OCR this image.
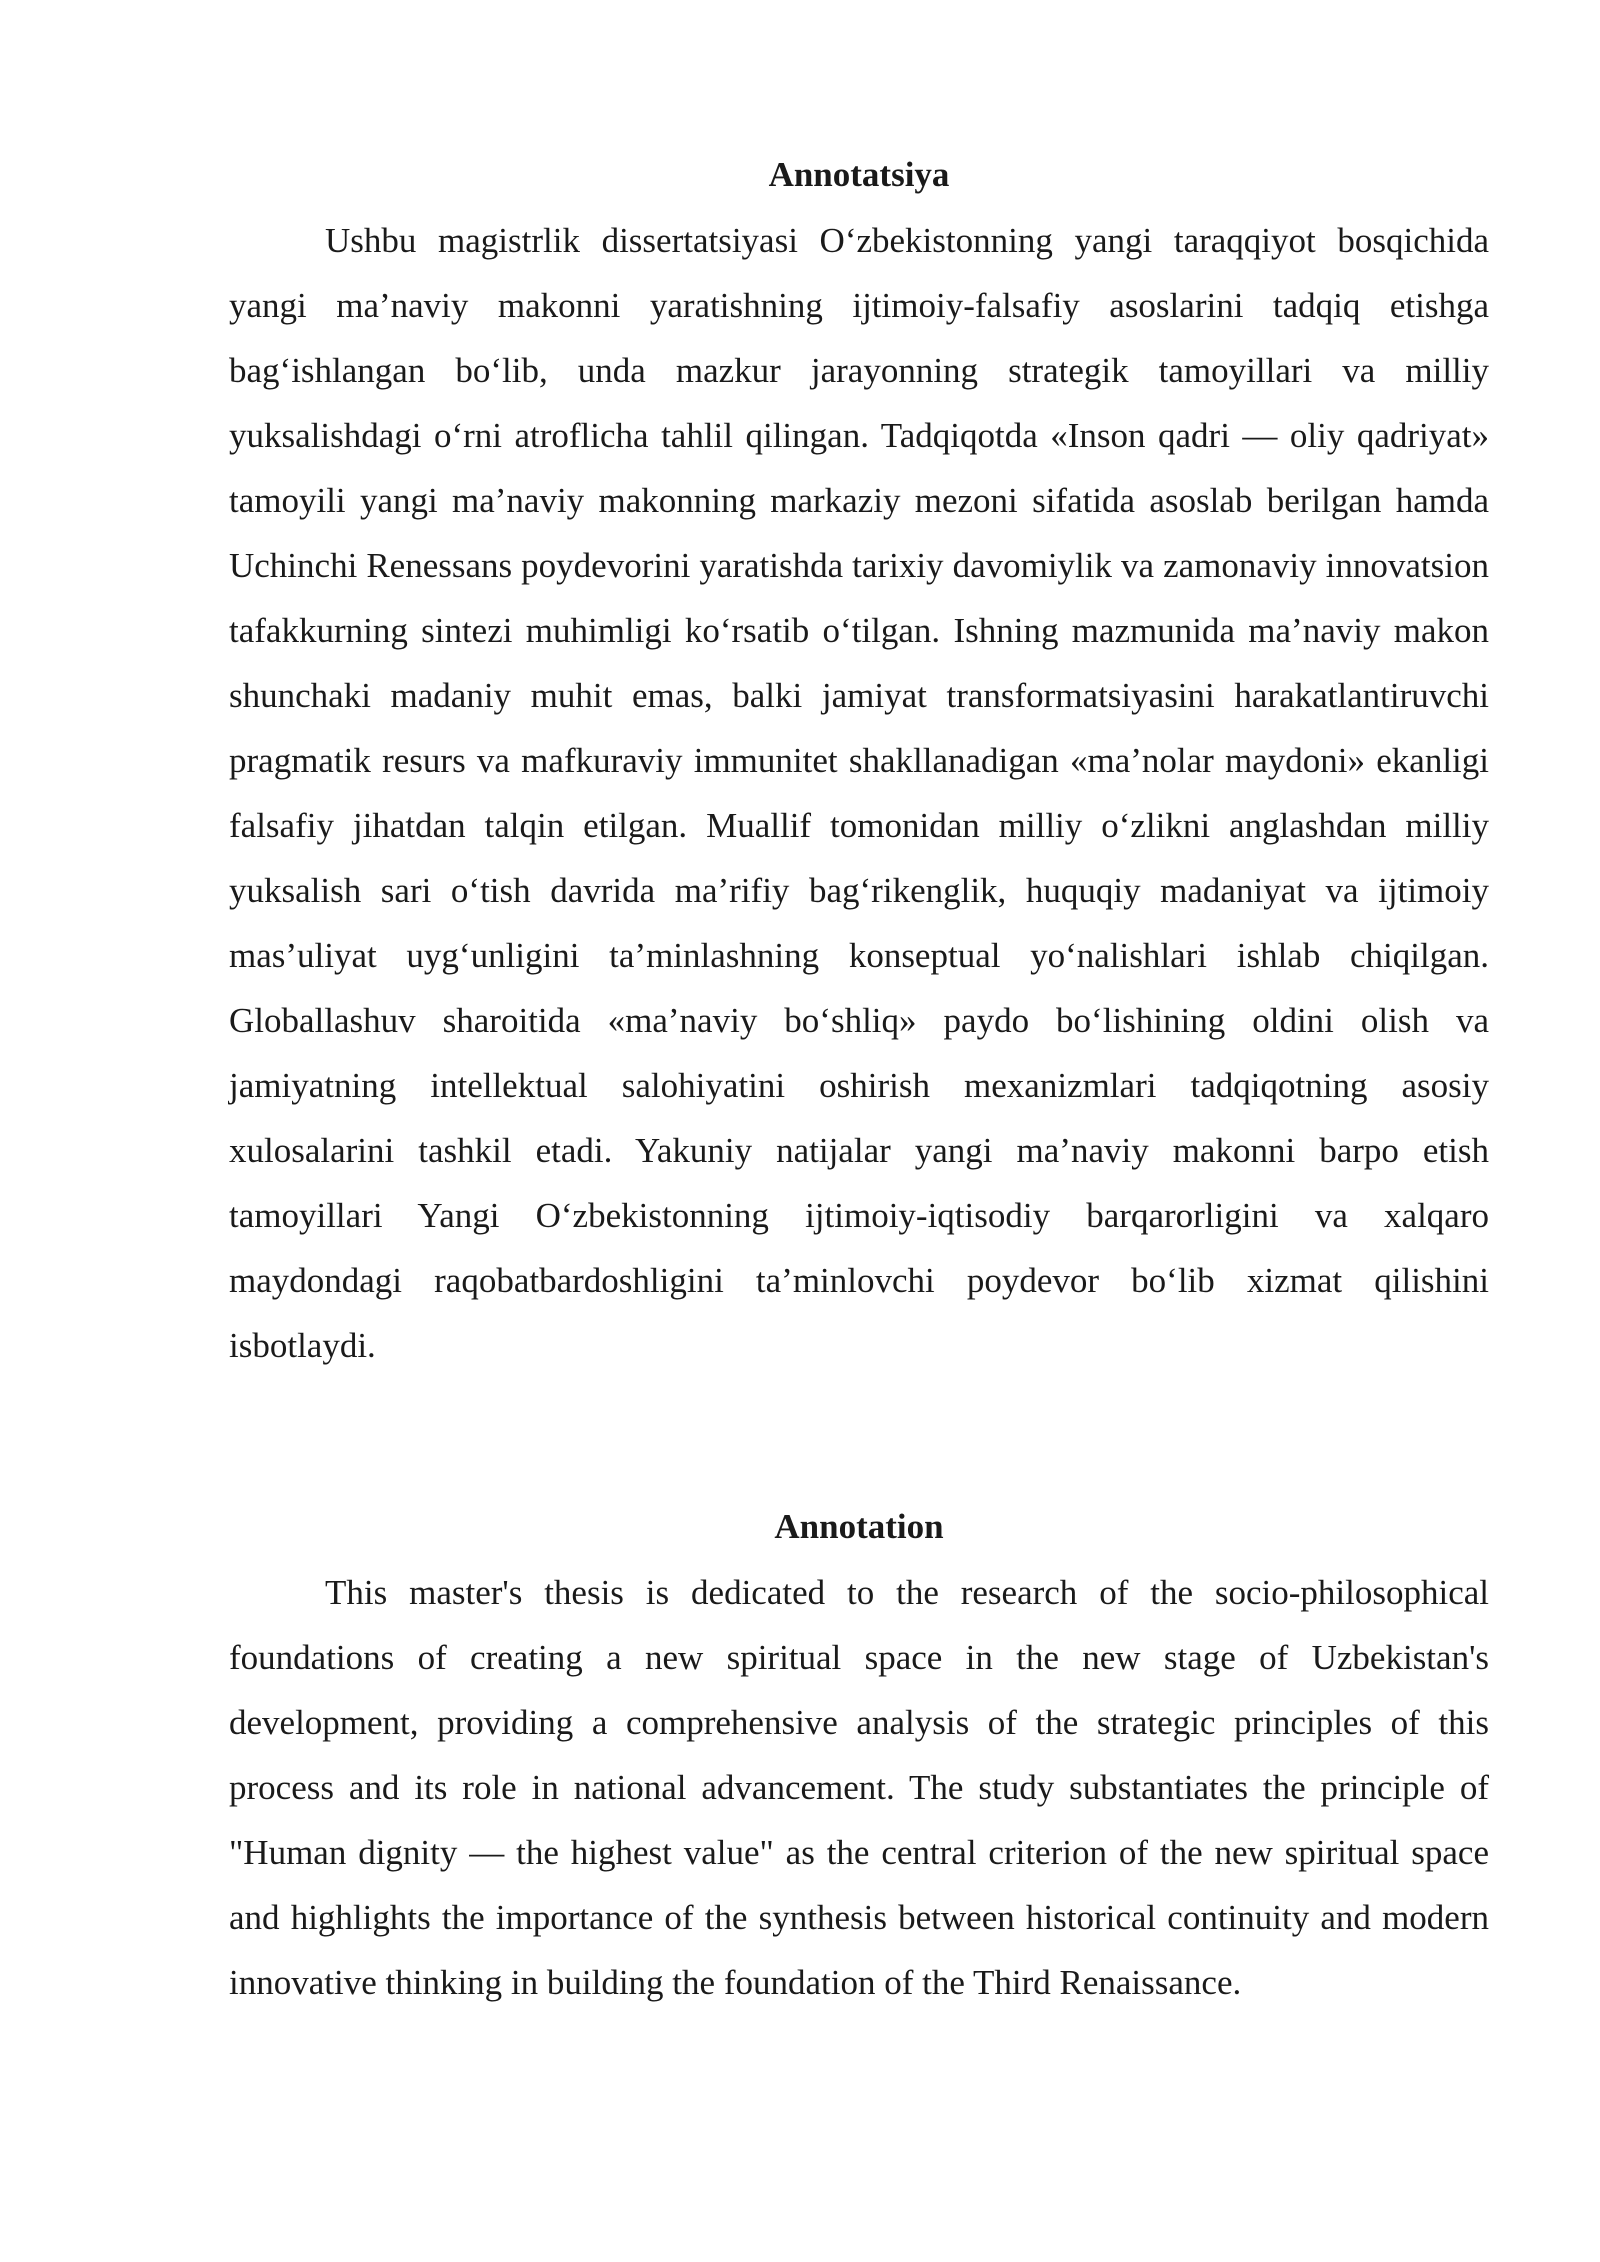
Annotatsiya

Ushbu magistrlik dissertatsiyasi O‘zbekistonning yangi taraqqiyot bosqichida yangi ma’naviy makonni yaratishning ijtimoiy-falsafiy asoslarini tadqiq etishga bag‘ishlangan bo‘lib, unda mazkur jarayonning strategik tamoyillari va milliy yuksalishdagi o‘rni atroflicha tahlil qilingan. Tadqiqotda «Inson qadri — oliy qadriyat» tamoyili yangi ma’naviy makonning markaziy mezoni sifatida asoslab berilgan hamda Uchinchi Renessans poydevorini yaratishda tarixiy davomiylik va zamonaviy innovatsion tafakkurning sintezi muhimligi ko‘rsatib o‘tilgan. Ishning mazmunida ma’naviy makon shunchaki madaniy muhit emas, balki jamiyat transformatsiyasini harakatlantiruvchi pragmatik resurs va mafkuraviy immunitet shakllanadigan «ma’nolar maydoni» ekanligi falsafiy jihatdan talqin etilgan. Muallif tomonidan milliy o‘zlikni anglashdan milliy yuksalish sari o‘tish davrida ma’rifiy bag‘rikenglik, huquqiy madaniyat va ijtimoiy mas’uliyat uyg‘unligini ta’minlashning konseptual yo‘nalishlari ishlab chiqilgan. Globallashuv sharoitida «ma’naviy bo‘shliq» paydo bo‘lishining oldini olish va jamiyatning intellektual salohiyatini oshirish mexanizmlari tadqiqotning asosiy xulosalarini tashkil etadi. Yakuniy natijalar yangi ma’naviy makonni barpo etish tamoyillari Yangi O‘zbekistonning ijtimoiy-iqtisodiy barqarorligini va xalqaro maydondagi raqobatbardoshligini ta’minlovchi poydevor bo‘lib xizmat qilishini isbotlaydi.

Annotation

This master's thesis is dedicated to the research of the socio-philosophical foundations of creating a new spiritual space in the new stage of Uzbekistan's development, providing a comprehensive analysis of the strategic principles of this process and its role in national advancement. The study substantiates the principle of "Human dignity — the highest value" as the central criterion of the new spiritual space and highlights the importance of the synthesis between historical continuity and modern innovative thinking in building the foundation of the Third Renaissance.
